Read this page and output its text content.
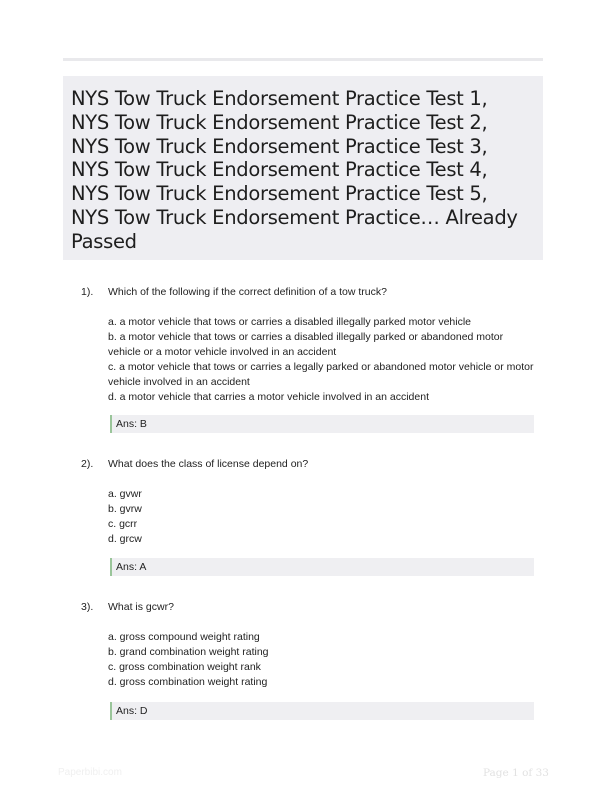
NYS Tow Truck Endorsement Practice Test 1,
NYS Tow Truck Endorsement Practice Test 2,
NYS Tow Truck Endorsement Practice Test 3,
NYS Tow Truck Endorsement Practice Test 4,
NYS Tow Truck Endorsement Practice Test 5,
NYS Tow Truck Endorsement Practice… Already
Passed
1). Which of the following if the correct definition of a tow truck?

a. a motor vehicle that tows or carries a disabled illegally parked motor vehicle

b. a motor vehicle that tows or carries a disabled illegally parked or abandoned motor vehicle or a motor vehicle involved in an accident

c. a motor vehicle that tows or carries a legally parked or abandoned motor vehicle or motor vehicle involved in an accident

d. a motor vehicle that carries a motor vehicle involved in an accident

Ans: B
2). What does the class of license depend on?

a. gvwr

b. gvrw

c. gcrr

d. grcw

Ans: A
3). What is gcwr?

a. gross compound weight rating

b. grand combination weight rating

c. gross combination weight rank

d. gross combination weight rating

Ans: D
Paperbibi.com	Page 1 of 33
